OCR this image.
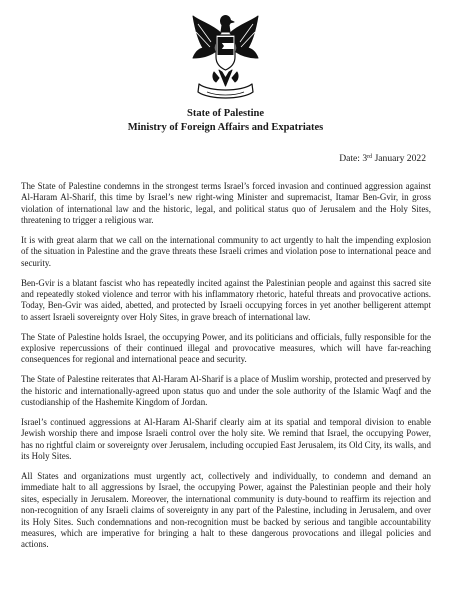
State of Palestine
Ministry of Foreign Affairs and Expatriates
Date: 3rd January 2022

The State of Palestine condemns in the strongest terms Israel’s forced invasion and continued aggression against Al-Haram Al-Sharif, this time by Israel’s new right-wing Minister and supremacist, Itamar Ben-Gvir, in gross violation of international law and the historic, legal, and political status quo of Jerusalem and the Holy Sites, threatening to trigger a religious war.

It is with great alarm that we call on the international community to act urgently to halt the impending explosion of the situation in Palestine and the grave threats these Israeli crimes and violation pose to international peace and security.

Ben-Gvir is a blatant fascist who has repeatedly incited against the Palestinian people and against this sacred site and repeatedly stoked violence and terror with his inflammatory rhetoric, hateful threats and provocative actions. Today, Ben-Gvir was aided, abetted, and protected by Israeli occupying forces in yet another belligerent attempt to assert Israeli sovereignty over Holy Sites, in grave breach of international law.

The State of Palestine holds Israel, the occupying Power, and its politicians and officials, fully responsible for the explosive repercussions of their continued illegal and provocative measures, which will have far-reaching consequences for regional and international peace and security.

The State of Palestine reiterates that Al-Haram Al-Sharif is a place of Muslim worship, protected and preserved by the historic and internationally-agreed upon status quo and under the sole authority of the Islamic Waqf and the custodianship of the Hashemite Kingdom of Jordan.

Israel’s continued aggressions at Al-Haram Al-Sharif clearly aim at its spatial and temporal division to enable Jewish worship there and impose Israeli control over the holy site. We remind that Israel, the occupying Power, has no rightful claim or sovereignty over Jerusalem, including occupied East Jerusalem, its Old City, its walls, and its Holy Sites.

All States and organizations must urgently act, collectively and individually, to condemn and demand an immediate halt to all aggressions by Israel, the occupying Power, against the Palestinian people and their holy sites, especially in Jerusalem. Moreover, the international community is duty-bound to reaffirm its rejection and non-recognition of any Israeli claims of sovereignty in any part of the Palestine, including in Jerusalem, and over its Holy Sites. Such condemnations and non-recognition must be backed by serious and tangible accountability measures, which are imperative for bringing a halt to these dangerous provocations and illegal policies and actions.
